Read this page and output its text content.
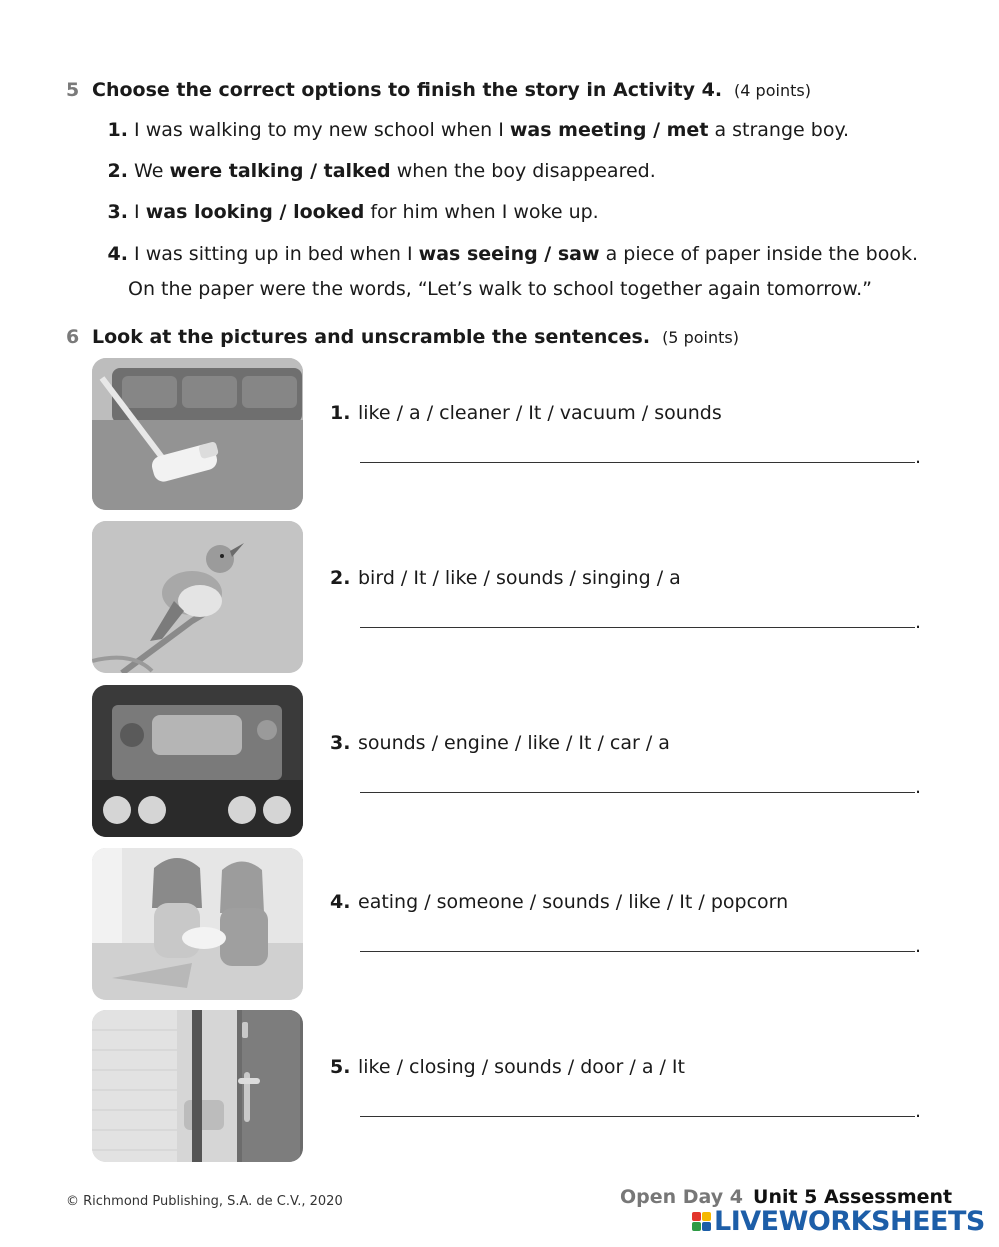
5 Choose the correct options to finish the story in Activity 4. (4 points)
1. I was walking to my new school when I was meeting / met a strange boy.
2. We were talking / talked when the boy disappeared.
3. I was looking / looked for him when I woke up.
4. I was sitting up in bed when I was seeing / saw a piece of paper inside the book.
On the paper were the words, “Let’s walk to school together again tomorrow.”
6 Look at the pictures and unscramble the sentences. (5 points)
1. like / a / cleaner / It / vacuum / sounds
.
2. bird / It / like / sounds / singing / a
.
3. sounds / engine / like / It / car / a
.
4. eating / someone / sounds / like / It / popcorn
.
5. like / closing / sounds / door / a / It
.
© Richmond Publishing, S.A. de C.V., 2020	Open Day 4 Unit 5 Assessment
LIVEWORKSHEETS
